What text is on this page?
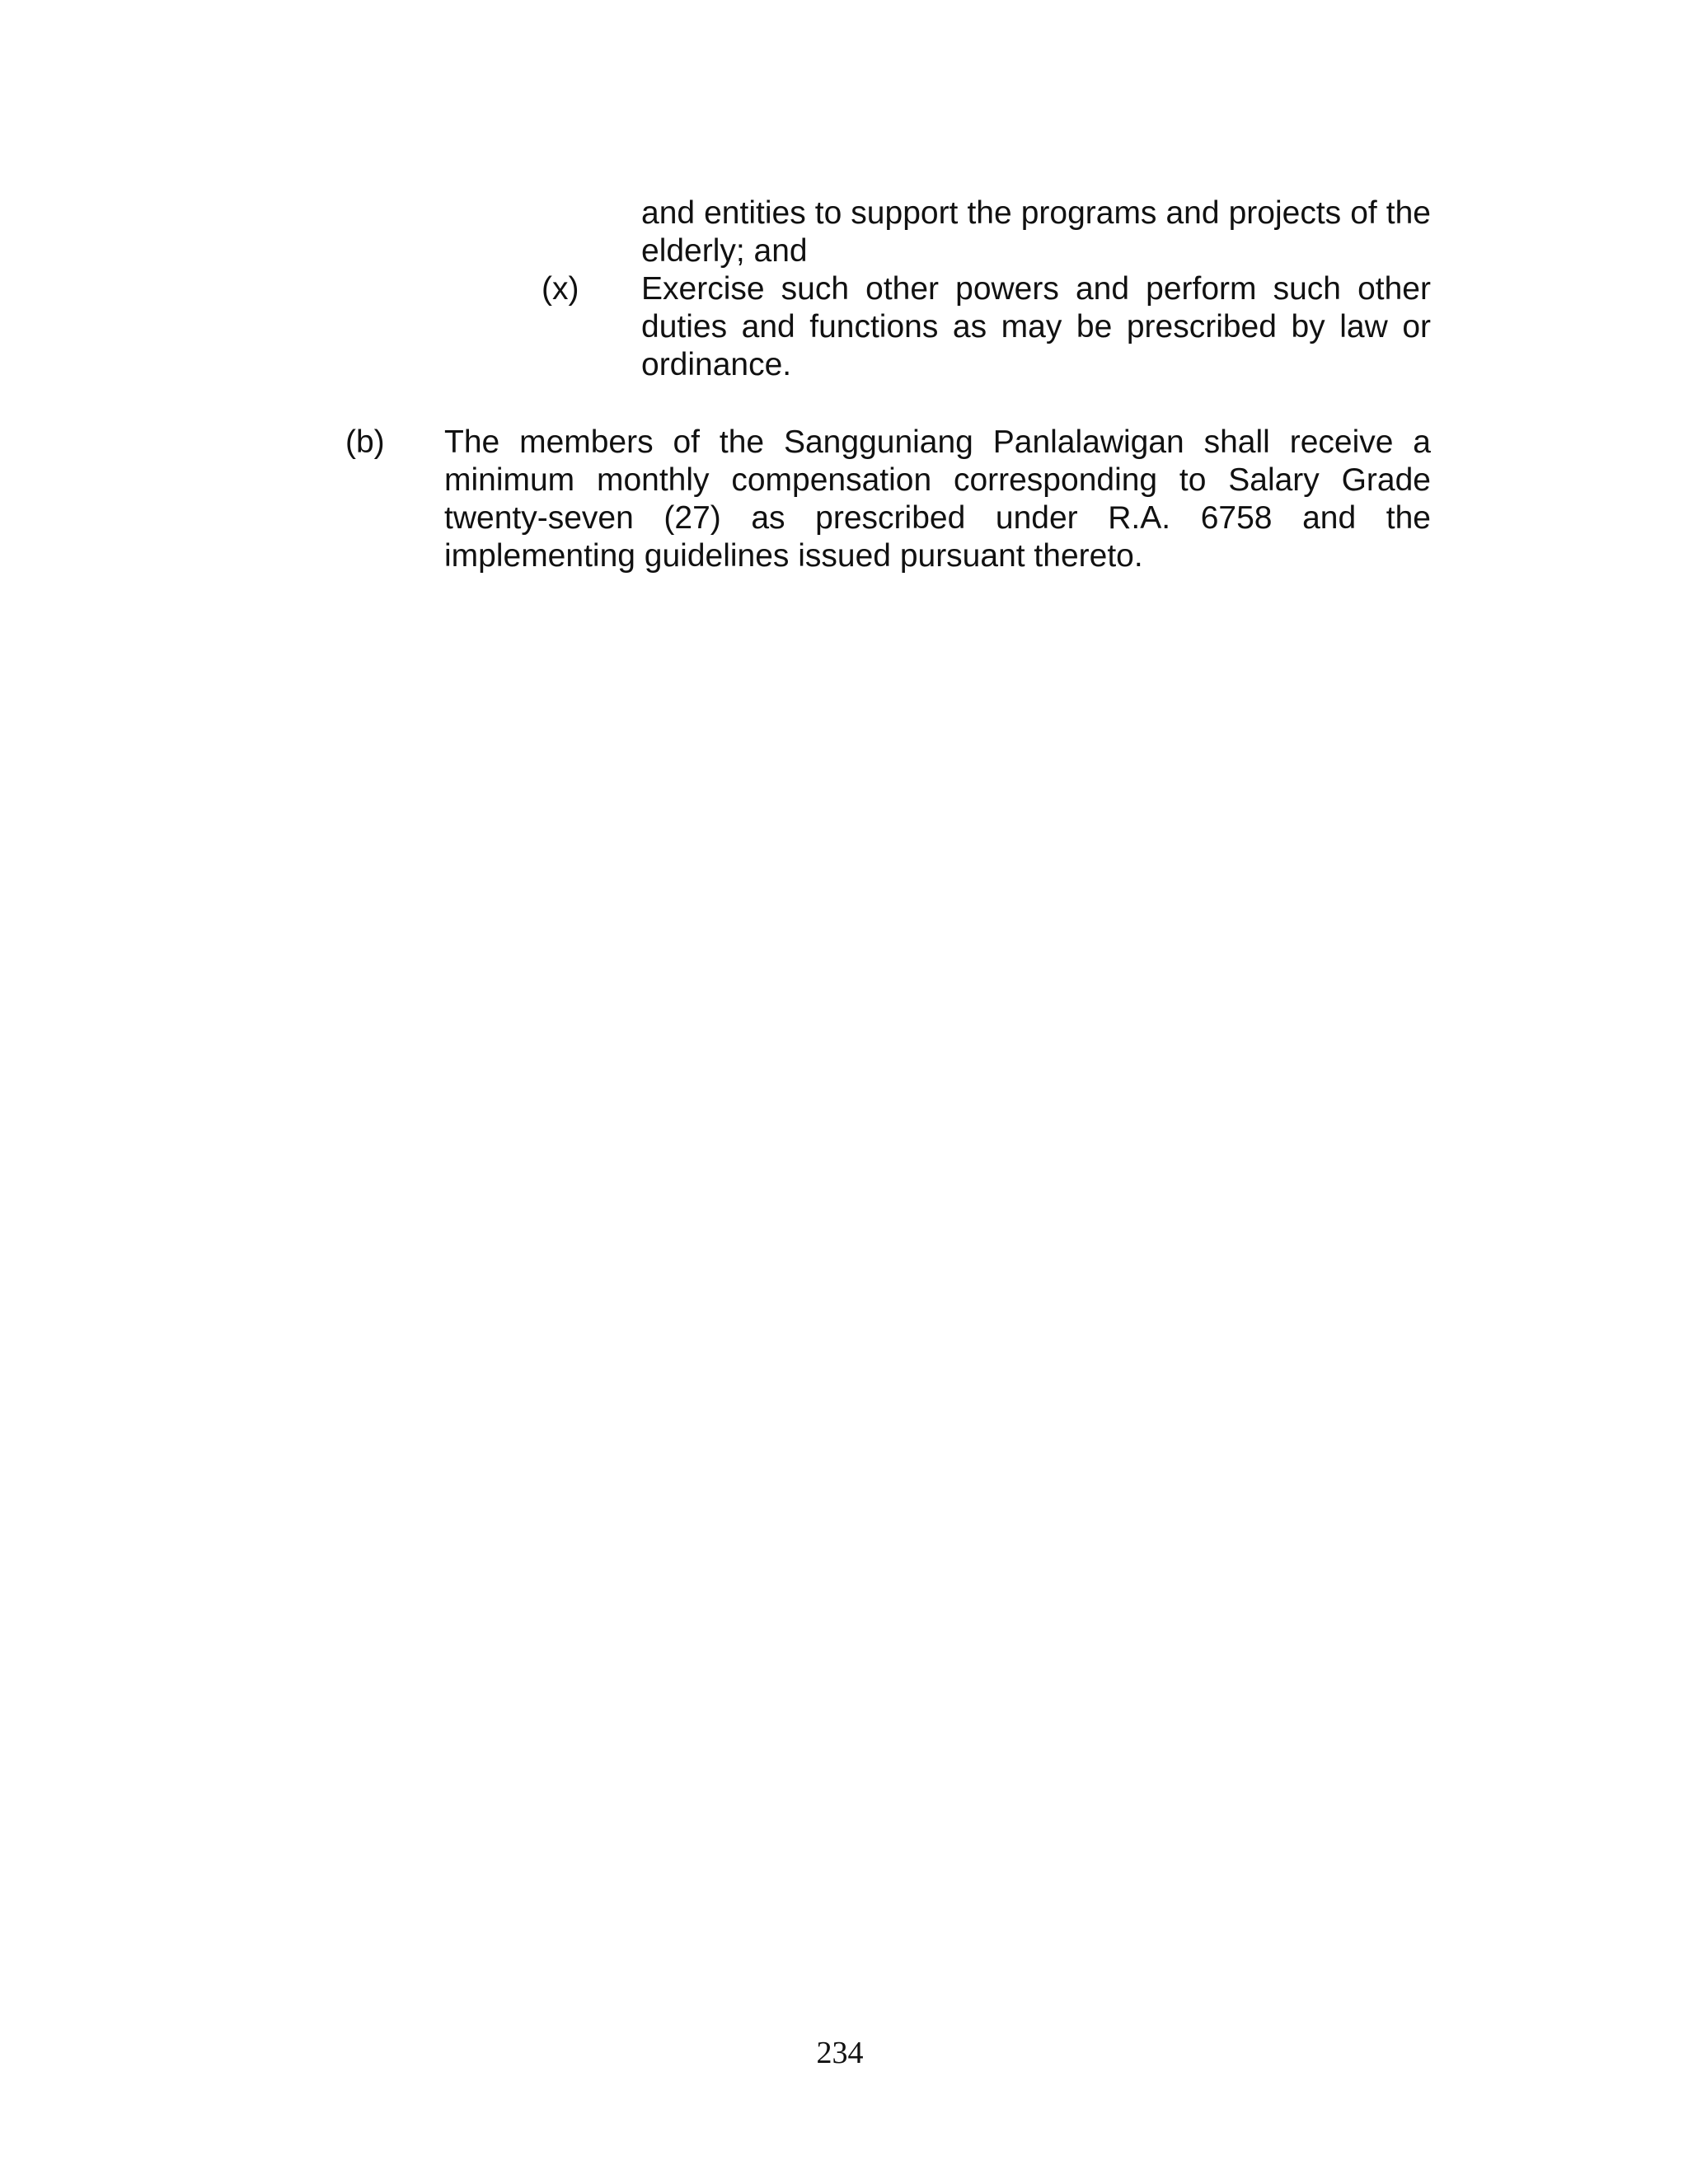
and entities to support the programs and projects of the elderly; and

(x) Exercise such other powers and perform such other duties and functions as may be prescribed by law or ordinance.

(b) The members of the Sangguniang Panlalawigan shall receive a minimum monthly compensation corresponding to Salary Grade twenty-seven (27) as prescribed under R.A. 6758 and the implementing guidelines issued pursuant thereto.

234
